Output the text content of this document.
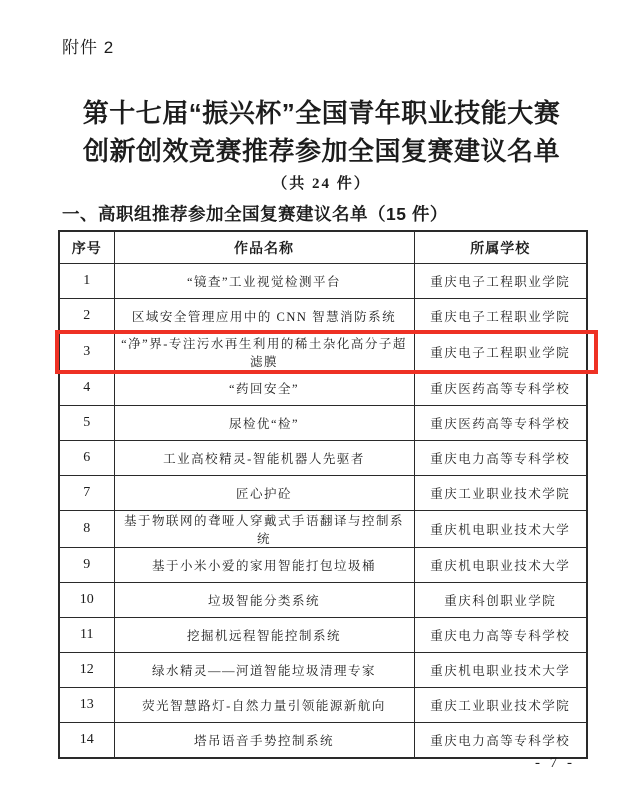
附件 2
第十七届“振兴杯”全国青年职业技能大赛
创新创效竞赛推荐参加全国复赛建议名单
（共 24 件）
一、高职组推荐参加全国复赛建议名单（15 件）
序号	作品名称	所属学校
1	“镜查”工业视觉检测平台	重庆电子工程职业学院
2	区域安全管理应用中的 CNN 智慧消防系统	重庆电子工程职业学院
3	“净”界-专注污水再生利用的稀土杂化高分子超滤膜	重庆电子工程职业学院
4	“药回安全”	重庆医药高等专科学校
5	尿检优“检”	重庆医药高等专科学校
6	工业高校精灵-智能机器人先驱者	重庆电力高等专科学校
7	匠心护砼	重庆工业职业技术学院
8	基于物联网的聋哑人穿戴式手语翻译与控制系统	重庆机电职业技术大学
9	基于小米小爱的家用智能打包垃圾桶	重庆机电职业技术大学
10	垃圾智能分类系统	重庆科创职业学院
11	挖掘机远程智能控制系统	重庆电力高等专科学校
12	绿水精灵——河道智能垃圾清理专家	重庆机电职业技术大学
13	荧光智慧路灯-自然力量引领能源新航向	重庆工业职业技术学院
14	塔吊语音手势控制系统	重庆电力高等专科学校
- 7 -
